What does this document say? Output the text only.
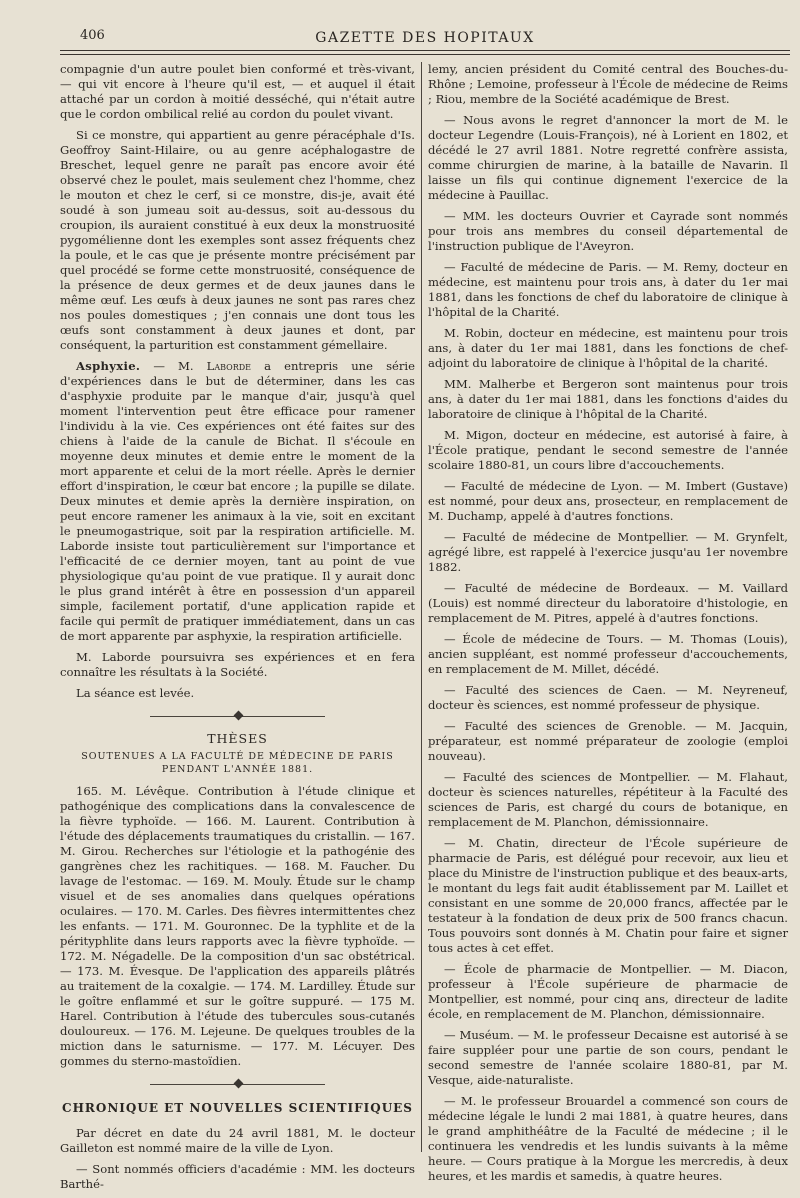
406	GAZETTE DES HOPITAUX

compagnie d'un autre poulet bien conformé et très-vivant, — qui vit encore à l'heure qu'il est, — et auquel il était attaché par un cordon à moitié desséché, qui n'était autre que le cordon ombilical relié au cordon du poulet vivant.

Si ce monstre, qui appartient au genre péracéphale d'Is. Geoffroy Saint-Hilaire, ou au genre acéphalogastre de Breschet, lequel genre ne paraît pas encore avoir été observé chez le poulet, mais seulement chez l'homme, chez le mouton et chez le cerf, si ce monstre, dis-je, avait été soudé à son jumeau soit au-dessus, soit au-dessous du croupion, ils auraient constitué à eux deux la monstruosité pygomélienne dont les exemples sont assez fréquents chez la poule, et le cas que je présente montre précisément par quel procédé se forme cette monstruosité, conséquence de la présence de deux germes et de deux jaunes dans le même œuf. Les œufs à deux jaunes ne sont pas rares chez nos poules domestiques ; j'en connais une dont tous les œufs sont constamment à deux jaunes et dont, par conséquent, la parturition est constamment gémellaire.

Asphyxie. — M. Laborde a entrepris une série d'expériences dans le but de déterminer, dans les cas d'asphyxie produite par le manque d'air, jusqu'à quel moment l'intervention peut être efficace pour ramener l'individu à la vie. Ces expériences ont été faites sur des chiens à l'aide de la canule de Bichat. Il s'écoule en moyenne deux minutes et demie entre le moment de la mort apparente et celui de la mort réelle. Après le dernier effort d'inspiration, le cœur bat encore ; la pupille se dilate. Deux minutes et demie après la dernière inspiration, on peut encore ramener les animaux à la vie, soit en excitant le pneumogastrique, soit par la respiration artificielle. M. Laborde insiste tout particulièrement sur l'importance et l'efficacité de ce dernier moyen, tant au point de vue physiologique qu'au point de vue pratique. Il y aurait donc le plus grand intérêt à être en possession d'un appareil simple, facilement portatif, d'une application rapide et facile qui permît de pratiquer immédiatement, dans un cas de mort apparente par asphyxie, la respiration artificielle.

M. Laborde poursuivra ses expériences et en fera connaître les résultats à la Société.

La séance est levée.

THÈSES
SOUTENUES A LA FACULTÉ DE MÉDECINE DE PARIS
PENDANT L'ANNÉE 1881.

165. M. Lévêque. Contribution à l'étude clinique et pathogénique des complications dans la convalescence de la fièvre typhoïde. — 166. M. Laurent. Contribution à l'étude des déplacements traumatiques du cristallin. — 167. M. Girou. Recherches sur l'étiologie et la pathogénie des gangrènes chez les rachitiques. — 168. M. Faucher. Du lavage de l'estomac. — 169. M. Mouly. Étude sur le champ visuel et de ses anomalies dans quelques opérations oculaires. — 170. M. Carles. Des fièvres intermittentes chez les enfants. — 171. M. Gouronnec. De la typhlite et de la pérityphlite dans leurs rapports avec la fièvre typhoïde. — 172. M. Négadelle. De la composition d'un sac obstétrical. — 173. M. Évesque. De l'application des appareils plâtrés au traitement de la coxalgie. — 174. M. Lardilley. Étude sur le goître enflammé et sur le goître suppuré. — 175 M. Harel. Contribution à l'étude des tubercules sous-cutanés douloureux. — 176. M. Lejeune. De quelques troubles de la miction dans le saturnisme. — 177. M. Lécuyer. Des gommes du sterno-mastoïdien.

CHRONIQUE ET NOUVELLES SCIENTIFIQUES

Par décret en date du 24 avril 1881, M. le docteur Gailleton est nommé maire de la ville de Lyon.

— Sont nommés officiers d'académie : MM. les docteurs Barthé-

lemy, ancien président du Comité central des Bouches-du-Rhône ; Lemoine, professeur à l'École de médecine de Reims ; Riou, membre de la Société académique de Brest.

— Nous avons le regret d'annoncer la mort de M. le docteur Legendre (Louis-François), né à Lorient en 1802, et décédé le 27 avril 1881. Notre regretté confrère assista, comme chirurgien de marine, à la bataille de Navarin. Il laisse un fils qui continue dignement l'exercice de la médecine à Pauillac.

— MM. les docteurs Ouvrier et Cayrade sont nommés pour trois ans membres du conseil départemental de l'instruction publique de l'Aveyron.

— Faculté de médecine de Paris. — M. Remy, docteur en médecine, est maintenu pour trois ans, à dater du 1er mai 1881, dans les fonctions de chef du laboratoire de clinique à l'hôpital de la Charité.

M. Robin, docteur en médecine, est maintenu pour trois ans, à dater du 1er mai 1881, dans les fonctions de chef-adjoint du laboratoire de clinique à l'hôpital de la charité.

MM. Malherbe et Bergeron sont maintenus pour trois ans, à dater du 1er mai 1881, dans les fonctions d'aides du laboratoire de clinique à l'hôpital de la Charité.

M. Migon, docteur en médecine, est autorisé à faire, à l'École pratique, pendant le second semestre de l'année scolaire 1880-81, un cours libre d'accouchements.

— Faculté de médecine de Lyon. — M. Imbert (Gustave) est nommé, pour deux ans, prosecteur, en remplacement de M. Duchamp, appelé à d'autres fonctions.

— Faculté de médecine de Montpellier. — M. Grynfelt, agrégé libre, est rappelé à l'exercice jusqu'au 1er novembre 1882.

— Faculté de médecine de Bordeaux. — M. Vaillard (Louis) est nommé directeur du laboratoire d'histologie, en remplacement de M. Pitres, appelé à d'autres fonctions.

— École de médecine de Tours. — M. Thomas (Louis), ancien suppléant, est nommé professeur d'accouchements, en remplacement de M. Millet, décédé.

— Faculté des sciences de Caen. — M. Neyreneuf, docteur ès sciences, est nommé professeur de physique.

— Faculté des sciences de Grenoble. — M. Jacquin, préparateur, est nommé préparateur de zoologie (emploi nouveau).

— Faculté des sciences de Montpellier. — M. Flahaut, docteur ès sciences naturelles, répétiteur à la Faculté des sciences de Paris, est chargé du cours de botanique, en remplacement de M. Planchon, démissionnaire.

— M. Chatin, directeur de l'École supérieure de pharmacie de Paris, est délégué pour recevoir, aux lieu et place du Ministre de l'instruction publique et des beaux-arts, le montant du legs fait audit établissement par M. Laillet et consistant en une somme de 20,000 francs, affectée par le testateur à la fondation de deux prix de 500 francs chacun. Tous pouvoirs sont donnés à M. Chatin pour faire et signer tous actes à cet effet.

— École de pharmacie de Montpellier. — M. Diacon, professeur à l'École supérieure de pharmacie de Montpellier, est nommé, pour cinq ans, directeur de ladite école, en remplacement de M. Planchon, démissionnaire.

— Muséum. — M. le professeur Decaisne est autorisé à se faire suppléer pour une partie de son cours, pendant le second semestre de l'année scolaire 1880-81, par M. Vesque, aide-naturaliste.

— M. le professeur Brouardel a commencé son cours de médecine légale le lundi 2 mai 1881, à quatre heures, dans le grand amphithéâtre de la Faculté de médecine ; il le continuera les vendredis et les lundis suivants à la même heure. — Cours pratique à la Morgue les mercredis, à deux heures, et les mardis et samedis, à quatre heures.
